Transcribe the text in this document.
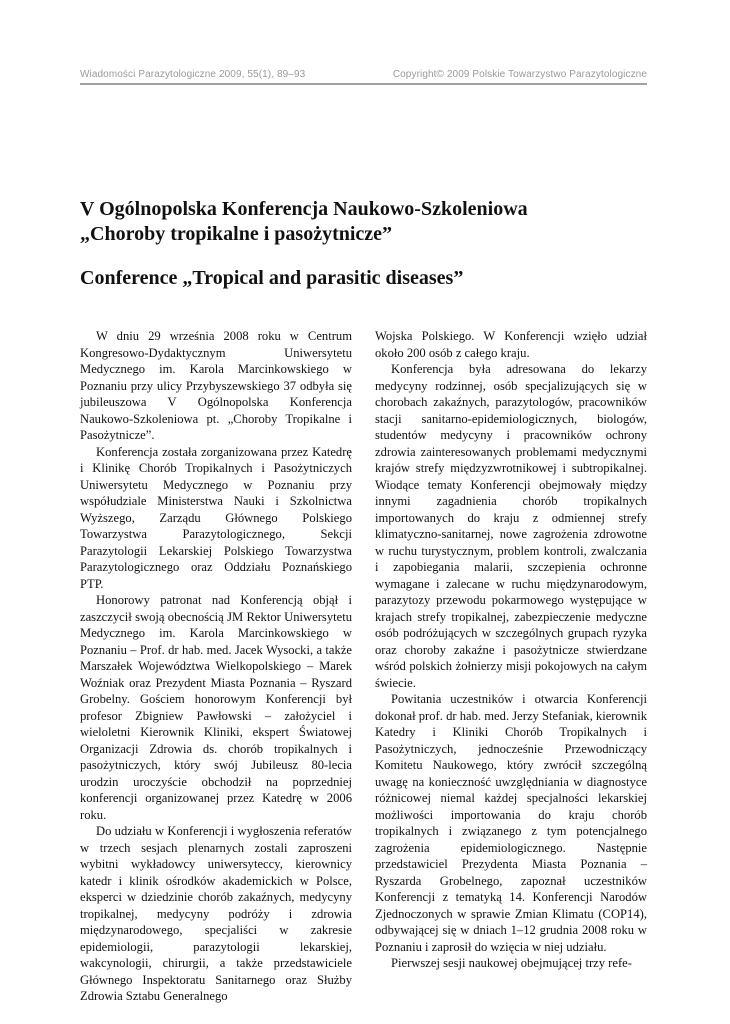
Wiadomości Parazytologiczne 2009, 55(1), 89–93	Copyright© 2009 Polskie Towarzystwo Parazytologiczne
V Ogólnopolska Konferencja Naukowo-Szkoleniowa
„Choroby tropikalne i pasożytnicze”
Conference „Tropical and parasitic diseases”

W dniu 29 września 2008 roku w Centrum Kongresowo-Dydaktycznym Uniwersytetu Medycznego im. Karola Marcinkowskiego w Poznaniu przy ulicy Przybyszewskiego 37 odbyła się jubileuszowa V Ogólnopolska Konferencja Naukowo-Szkoleniowa pt. „Choroby Tropikalne i Pasożytnicze”.

Konferencja została zorganizowana przez Katedrę i Klinikę Chorób Tropikalnych i Pasożytniczych Uniwersytetu Medycznego w Poznaniu przy współudziale Ministerstwa Nauki i Szkolnictwa Wyższego, Zarządu Głównego Polskiego Towarzystwa Parazytologicznego, Sekcji Parazytologii Lekarskiej Polskiego Towarzystwa Parazytologicznego oraz Oddziału Poznańskiego PTP.

Honorowy patronat nad Konferencją objął i zaszczycił swoją obecnością JM Rektor Uniwersytetu Medycznego im. Karola Marcinkowskiego w Poznaniu – Prof. dr hab. med. Jacek Wysocki, a także Marszałek Województwa Wielkopolskiego – Marek Woźniak oraz Prezydent Miasta Poznania – Ryszard Grobelny. Gościem honorowym Konferencji był profesor Zbigniew Pawłowski – założyciel i wieloletni Kierownik Kliniki, ekspert Światowej Organizacji Zdrowia ds. chorób tropikalnych i pasożytniczych, który swój Jubileusz 80-lecia urodzin uroczyście obchodził na poprzedniej konferencji organizowanej przez Katedrę w 2006 roku.

Do udziału w Konferencji i wygłoszenia referatów w trzech sesjach plenarnych zostali zaproszeni wybitni wykładowcy uniwersyteccy, kierownicy katedr i klinik ośrodków akademickich w Polsce, eksperci w dziedzinie chorób zakaźnych, medycyny tropikalnej, medycyny podróży i zdrowia międzynarodowego, specjaliści w zakresie epidemiologii, parazytologii lekarskiej, wakcynologii, chirurgii, a także przedstawiciele Głównego Inspektoratu Sanitarnego oraz Służby Zdrowia Sztabu Generalnego

Wojska Polskiego. W Konferencji wzięło udział około 200 osób z całego kraju.

Konferencja była adresowana do lekarzy medycyny rodzinnej, osób specjalizujących się w chorobach zakaźnych, parazytologów, pracowników stacji sanitarno-epidemiologicznych, biologów, studentów medycyny i pracowników ochrony zdrowia zainteresowanych problemami medycznymi krajów strefy międzyzwrotnikowej i subtropikalnej. Wiodące tematy Konferencji obejmowały między innymi zagadnienia chorób tropikalnych importowanych do kraju z odmiennej strefy klimatyczno-sanitarnej, nowe zagrożenia zdrowotne w ruchu turystycznym, problem kontroli, zwalczania i zapobiegania malarii, szczepienia ochronne wymagane i zalecane w ruchu międzynarodowym, parazytozy przewodu pokarmowego występujące w krajach strefy tropikalnej, zabezpieczenie medyczne osób podróżujących w szczególnych grupach ryzyka oraz choroby zakaźne i pasożytnicze stwierdzane wśród polskich żołnierzy misji pokojowych na całym świecie.

Powitania uczestników i otwarcia Konferencji dokonał prof. dr hab. med. Jerzy Stefaniak, kierownik Katedry i Kliniki Chorób Tropikalnych i Pasożytniczych, jednocześnie Przewodniczący Komitetu Naukowego, który zwrócił szczególną uwagę na konieczność uwzględniania w diagnostyce różnicowej niemal każdej specjalności lekarskiej możliwości importowania do kraju chorób tropikalnych i związanego z tym potencjalnego zagrożenia epidemiologicznego. Następnie przedstawiciel Prezydenta Miasta Poznania – Ryszarda Grobelnego, zapoznał uczestników Konferencji z tematyką 14. Konferencji Narodów Zjednoczonych w sprawie Zmian Klimatu (COP14), odbywającej się w dniach 1–12 grudnia 2008 roku w Poznaniu i zaprosił do wzięcia w niej udziału.

Pierwszej sesji naukowej obejmującej trzy refe-
